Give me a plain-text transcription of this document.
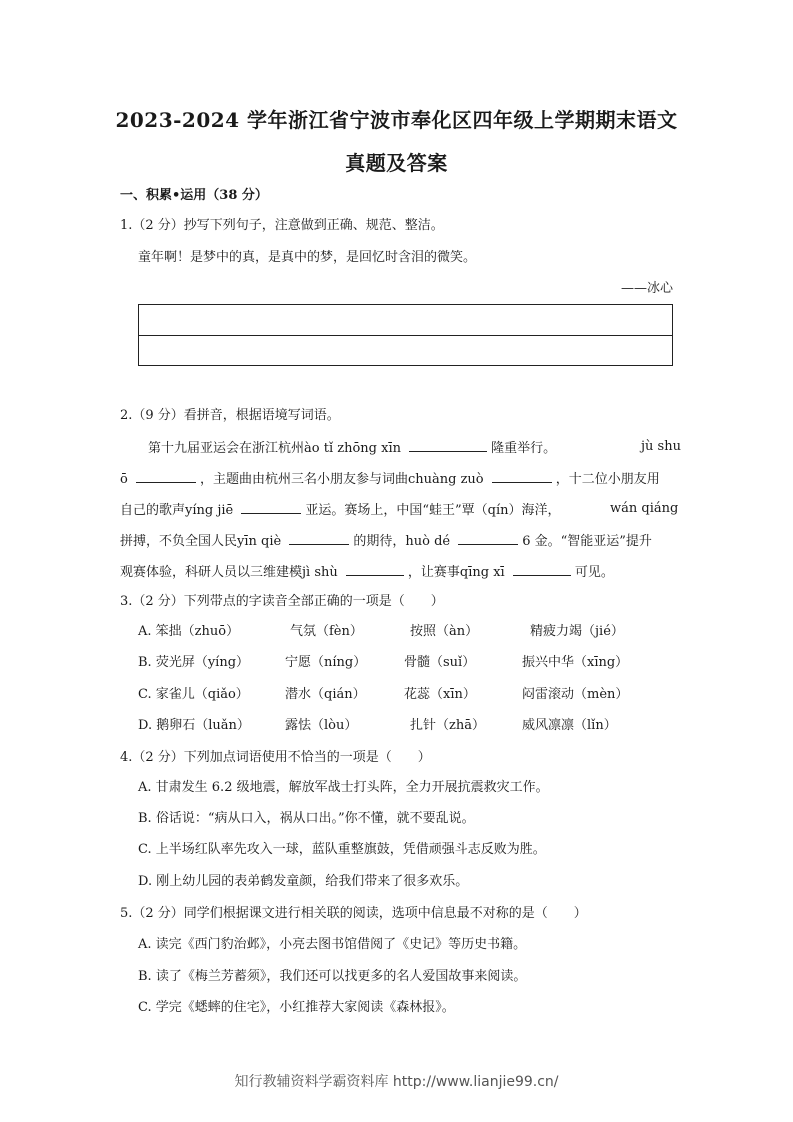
2023-2024 学年浙江省宁波市奉化区四年级上学期期末语文
真题及答案
一、积累•运用（38 分）
1.（2 分）抄写下列句子，注意做到正确、规范、整洁。
童年啊！是梦中的真，是真中的梦，是回忆时含泪的微笑。
——冰心
2.（9 分）看拼音，根据语境写词语。
第十九届亚运会在浙江杭州ào tǐ zhōng xīn	隆重举行。	jù shu
ō	，主题曲由杭州三名小朋友参与词曲chuàng zuò	，十二位小朋友用
自己的歌声yíng jiē	亚运。赛场上，中国“蛙王”覃（qín）海洋，	wán qiáng
拼搏，不负全国人民yīn qiè	的期待，huò dé	6 金。“智能亚运”提升
观赛体验，科研人员以三维建模jì shù	，让赛事qīng xī	可见。
3.（2 分）下列带点的字读音全部正确的一项是（　　）
A. 笨拙（zhuō）	气氛（fèn）	按照（àn）	精疲力竭（jié）
B. 荧光屏（yíng）	宁愿（níng）	骨髓（suǐ）	振兴中华（xīng）
C. 家雀儿（qiǎo）	潜水（qián）	花蕊（xīn）	闷雷滚动（mèn）
D. 鹅卵石（luǎn）	露怯（lòu）	扎针（zhā）	威风凛凛（lǐn）
4.（2 分）下列加点词语使用不恰当的一项是（　　）
A. 甘肃发生 6.2 级地震，解放军战士打头阵，全力开展抗震救灾工作。
B. 俗话说：“病从口入，祸从口出。”你不懂，就不要乱说。
C. 上半场红队率先攻入一球，蓝队重整旗鼓，凭借顽强斗志反败为胜。
D. 刚上幼儿园的表弟鹤发童颜，给我们带来了很多欢乐。
5.（2 分）同学们根据课文进行相关联的阅读，选项中信息最不对称的是（　　）
A. 读完《西门豹治邺》，小亮去图书馆借阅了《史记》等历史书籍。
B. 读了《梅兰芳蓄须》，我们还可以找更多的名人爱国故事来阅读。
C. 学完《蟋蟀的住宅》，小红推荐大家阅读《森林报》。
知行教辅资料学霸资料库 http://www.lianjie99.cn/
